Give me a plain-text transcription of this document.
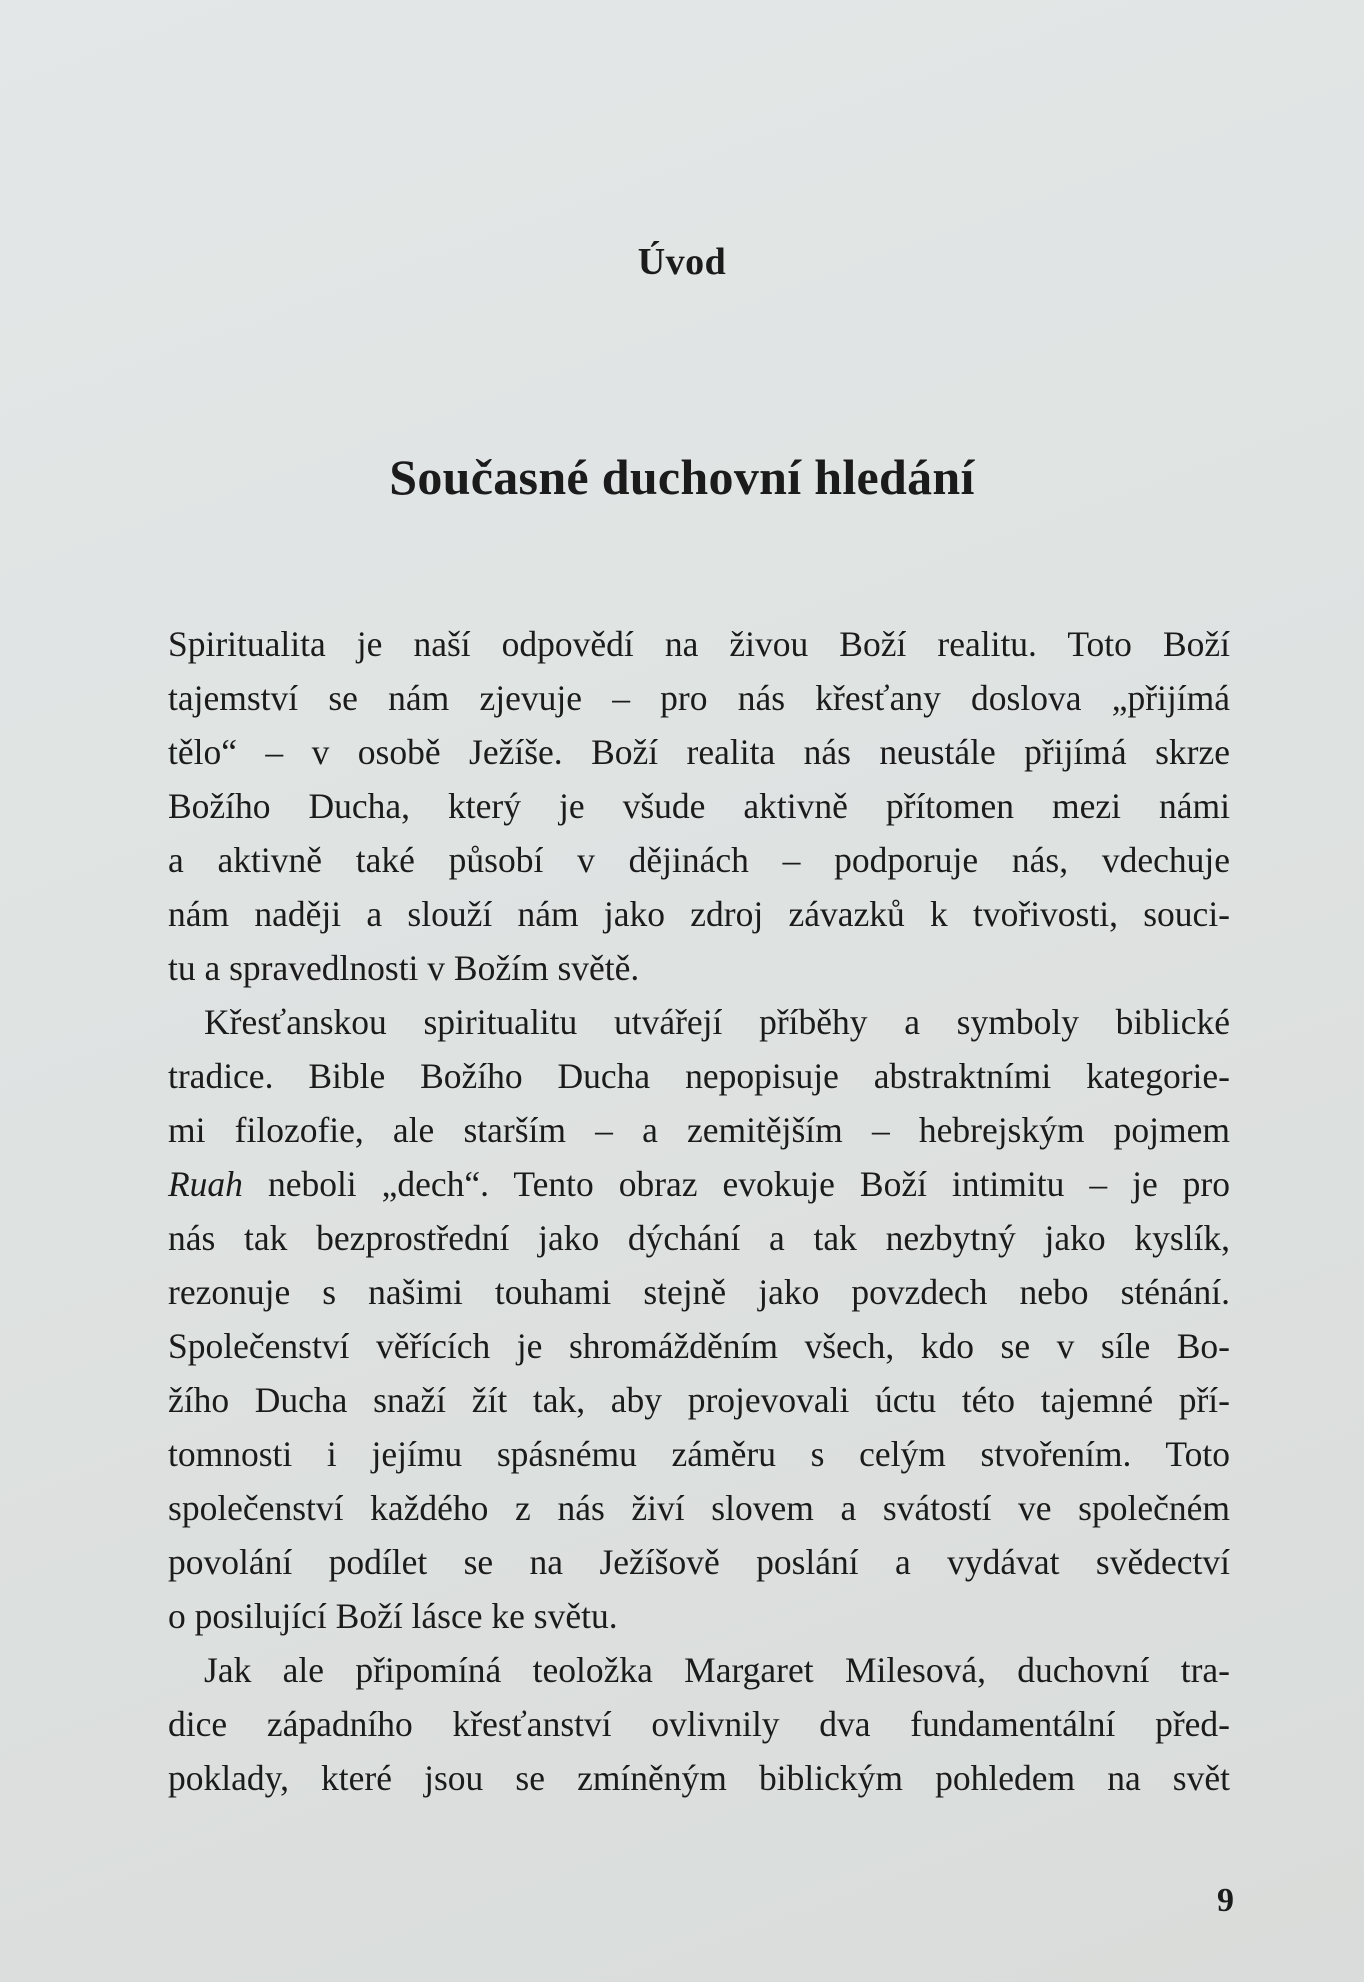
Úvod
Současné duchovní hledání
Spiritualita je naší odpovědí na živou Boží realitu. Toto Boží
tajemství se nám zjevuje – pro nás křesťany doslova „přijímá
tělo“ – v osobě Ježíše. Boží realita nás neustále přijímá skrze
Božího Ducha, který je všude aktivně přítomen mezi námi
a aktivně také působí v dějinách – podporuje nás, vdechuje
nám naději a slouží nám jako zdroj závazků k tvořivosti, souci-
tu a spravedlnosti v Božím světě.
Křesťanskou spiritualitu utvářejí příběhy a symboly biblické
tradice. Bible Božího Ducha nepopisuje abstraktními kategorie-
mi filozofie, ale starším – a zemitějším – hebrejským pojmem
Ruah neboli „dech“. Tento obraz evokuje Boží intimitu – je pro
nás tak bezprostřední jako dýchání a tak nezbytný jako kyslík,
rezonuje s našimi touhami stejně jako povzdech nebo sténání.
Společenství věřících je shromážděním všech, kdo se v síle Bo-
žího Ducha snaží žít tak, aby projevovali úctu této tajemné pří-
tomnosti i jejímu spásnému záměru s celým stvořením. Toto
společenství každého z nás živí slovem a svátostí ve společném
povolání podílet se na Ježíšově poslání a vydávat svědectví
o posilující Boží lásce ke světu.
Jak ale připomíná teoložka Margaret Milesová, duchovní tra-
dice západního křesťanství ovlivnily dva fundamentální před-
poklady, které jsou se zmíněným biblickým pohledem na svět
9
